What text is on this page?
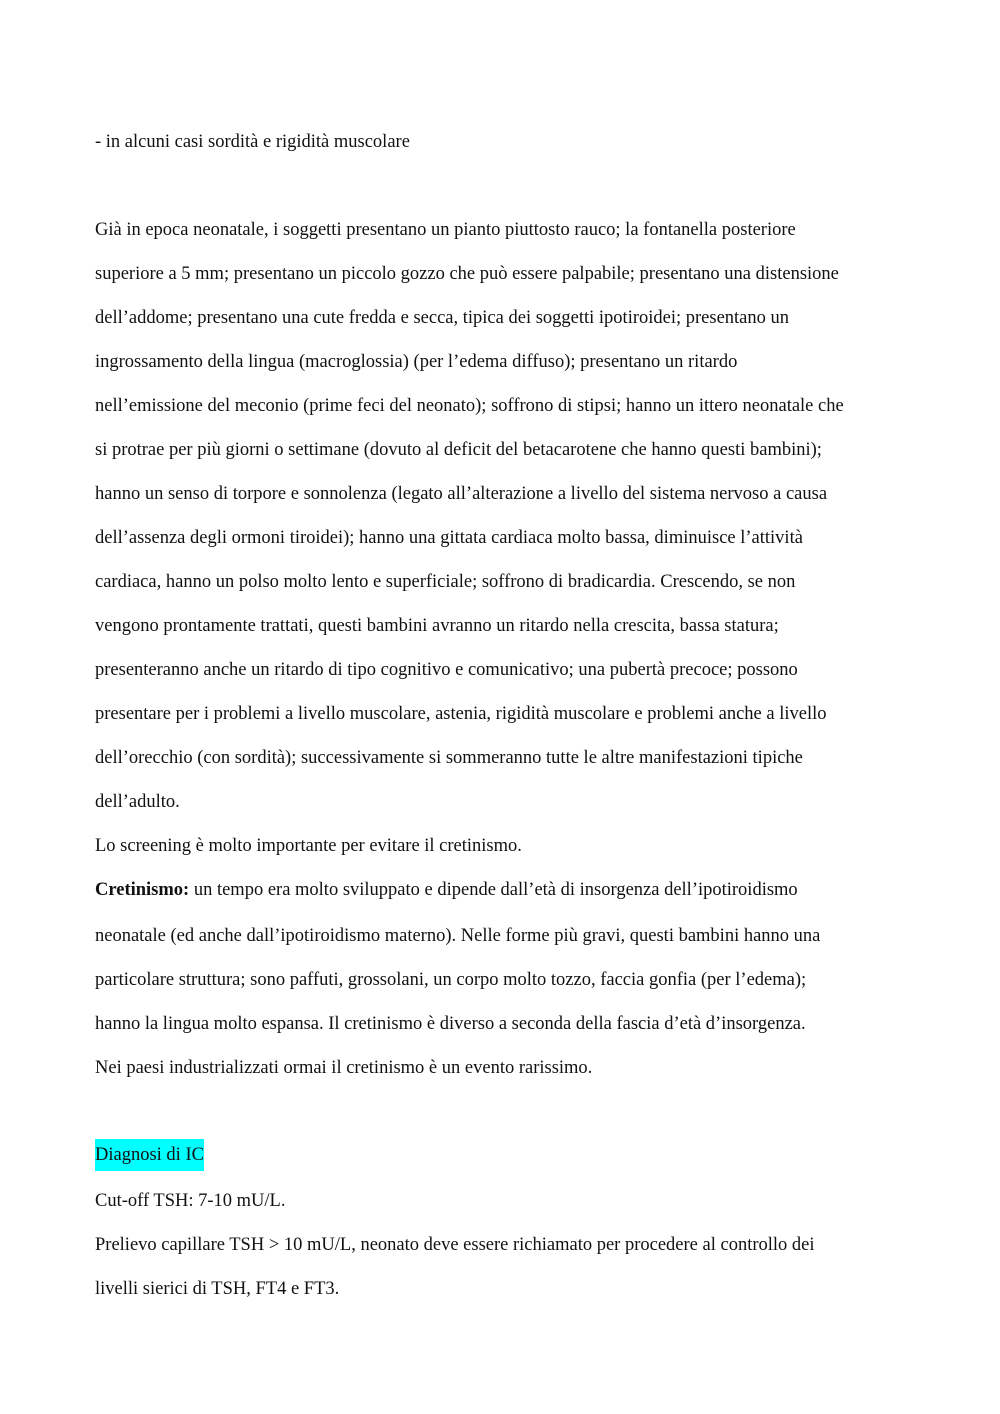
- in alcuni casi sordità e rigidità muscolare
Già in epoca neonatale, i soggetti presentano un pianto piuttosto rauco; la fontanella posteriore
superiore a 5 mm; presentano un piccolo gozzo che può essere palpabile; presentano una distensione
dell’addome; presentano una cute fredda e secca, tipica dei soggetti ipotiroidei; presentano un
ingrossamento della lingua (macroglossia) (per l’edema diffuso); presentano un ritardo
nell’emissione del meconio (prime feci del neonato); soffrono di stipsi; hanno un ittero neonatale che
si protrae per più giorni o settimane (dovuto al deficit del betacarotene che hanno questi bambini);
hanno un senso di torpore e sonnolenza (legato all’alterazione a livello del sistema nervoso a causa
dell’assenza degli ormoni tiroidei); hanno una gittata cardiaca molto bassa, diminuisce l’attività
cardiaca, hanno un polso molto lento e superficiale; soffrono di bradicardia. Crescendo, se non
vengono prontamente trattati, questi bambini avranno un ritardo nella crescita, bassa statura;
presenteranno anche un ritardo di tipo cognitivo e comunicativo; una pubertà precoce; possono
presentare per i problemi a livello muscolare, astenia, rigidità muscolare e problemi anche a livello
dell’orecchio (con sordità); successivamente si sommeranno tutte le altre manifestazioni tipiche
dell’adulto.
Lo screening è molto importante per evitare il cretinismo.
Cretinismo: un tempo era molto sviluppato e dipende dall’età di insorgenza dell’ipotiroidismo
neonatale (ed anche dall’ipotiroidismo materno). Nelle forme più gravi, questi bambini hanno una
particolare struttura; sono paffuti, grossolani, un corpo molto tozzo, faccia gonfia (per l’edema);
hanno la lingua molto espansa. Il cretinismo è diverso a seconda della fascia d’età d’insorgenza.
Nei paesi industrializzati ormai il cretinismo è un evento rarissimo.
Diagnosi di IC
Cut-off TSH: 7-10 mU/L.
Prelievo capillare TSH > 10 mU/L, neonato deve essere richiamato per procedere al controllo dei
livelli sierici di TSH, FT4 e FT3.
